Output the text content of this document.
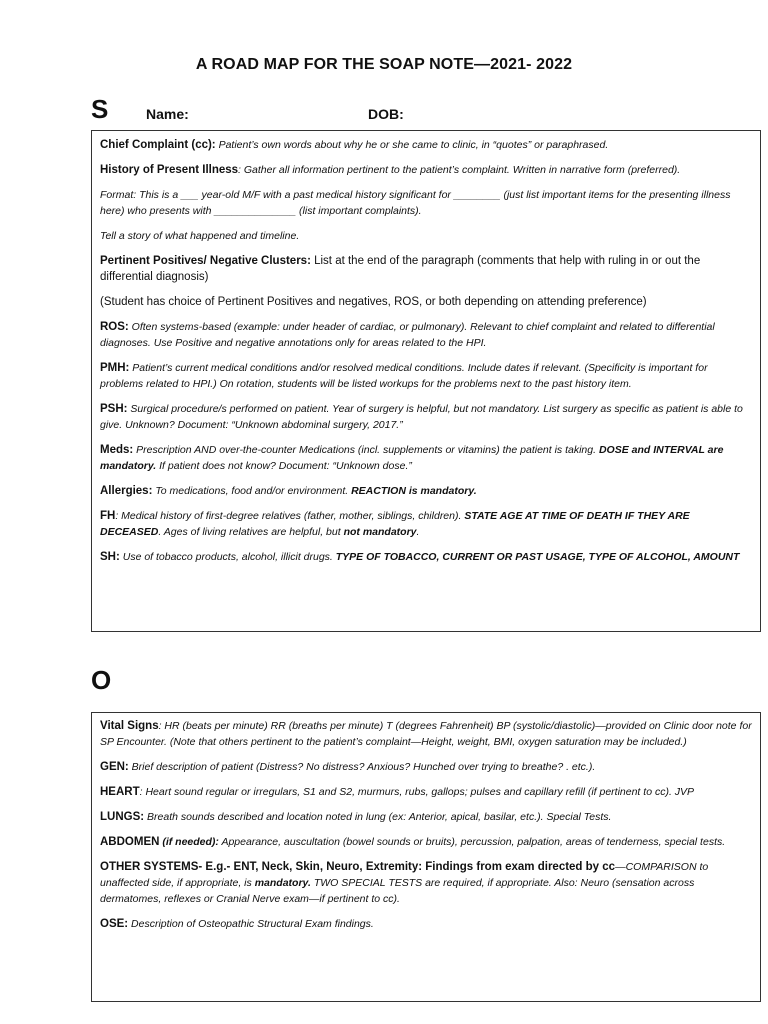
A ROAD MAP FOR THE SOAP NOTE—2021- 2022
S	Name:	DOB:

Chief Complaint (cc): Patient’s own words about why he or she came to clinic, in “quotes” or paraphrased.

History of Present Illness: Gather all information pertinent to the patient’s complaint. Written in narrative form (preferred).

Format: This is a ___ year-old M/F with a past medical history significant for ________ (just list important items for the presenting illness here) who presents with ______________ (list important complaints).

Tell a story of what happened and timeline.

Pertinent Positives/ Negative Clusters: List at the end of the paragraph (comments that help with ruling in or out the differential diagnosis)

(Student has choice of Pertinent Positives and negatives, ROS, or both depending on attending preference)

ROS: Often systems-based (example: under header of cardiac, or pulmonary). Relevant to chief complaint and related to differential diagnoses. Use Positive and negative annotations only for areas related to the HPI.

PMH: Patient’s current medical conditions and/or resolved medical conditions. Include dates if relevant. (Specificity is important for problems related to HPI.) On rotation, students will be listed workups for the problems next to the past history item.

PSH: Surgical procedure/s performed on patient. Year of surgery is helpful, but not mandatory. List surgery as specific as patient is able to give. Unknown? Document: “Unknown abdominal surgery, 2017.”

Meds: Prescription AND over-the-counter Medications (incl. supplements or vitamins) the patient is taking. DOSE and INTERVAL are mandatory. If patient does not know? Document: “Unknown dose.”

Allergies: To medications, food and/or environment. REACTION is mandatory.

FH: Medical history of first-degree relatives (father, mother, siblings, children). STATE AGE AT TIME OF DEATH IF THEY ARE DECEASED. Ages of living relatives are helpful, but not mandatory.

SH: Use of tobacco products, alcohol, illicit drugs. TYPE OF TOBACCO, CURRENT OR PAST USAGE, TYPE OF ALCOHOL, AMOUNT

O

Vital Signs: HR (beats per minute) RR (breaths per minute) T (degrees Fahrenheit) BP (systolic/diastolic)—provided on Clinic door note for SP Encounter. (Note that others pertinent to the patient’s complaint—Height, weight, BMI, oxygen saturation may be included.)

GEN: Brief description of patient (Distress? No distress? Anxious? Hunched over trying to breathe? . etc.).

HEART: Heart sound regular or irregulars, S1 and S2, murmurs, rubs, gallops; pulses and capillary refill (if pertinent to cc). JVP

LUNGS: Breath sounds described and location noted in lung (ex: Anterior, apical, basilar, etc.). Special Tests.

ABDOMEN (if needed): Appearance, auscultation (bowel sounds or bruits), percussion, palpation, areas of tenderness, special tests.

OTHER SYSTEMS- E.g.- ENT, Neck, Skin, Neuro, Extremity: Findings from exam directed by cc—COMPARISON to unaffected side, if appropriate, is mandatory. TWO SPECIAL TESTS are required, if appropriate. Also: Neuro (sensation across dermatomes, reflexes or Cranial Nerve exam—if pertinent to cc).

OSE: Description of Osteopathic Structural Exam findings.
